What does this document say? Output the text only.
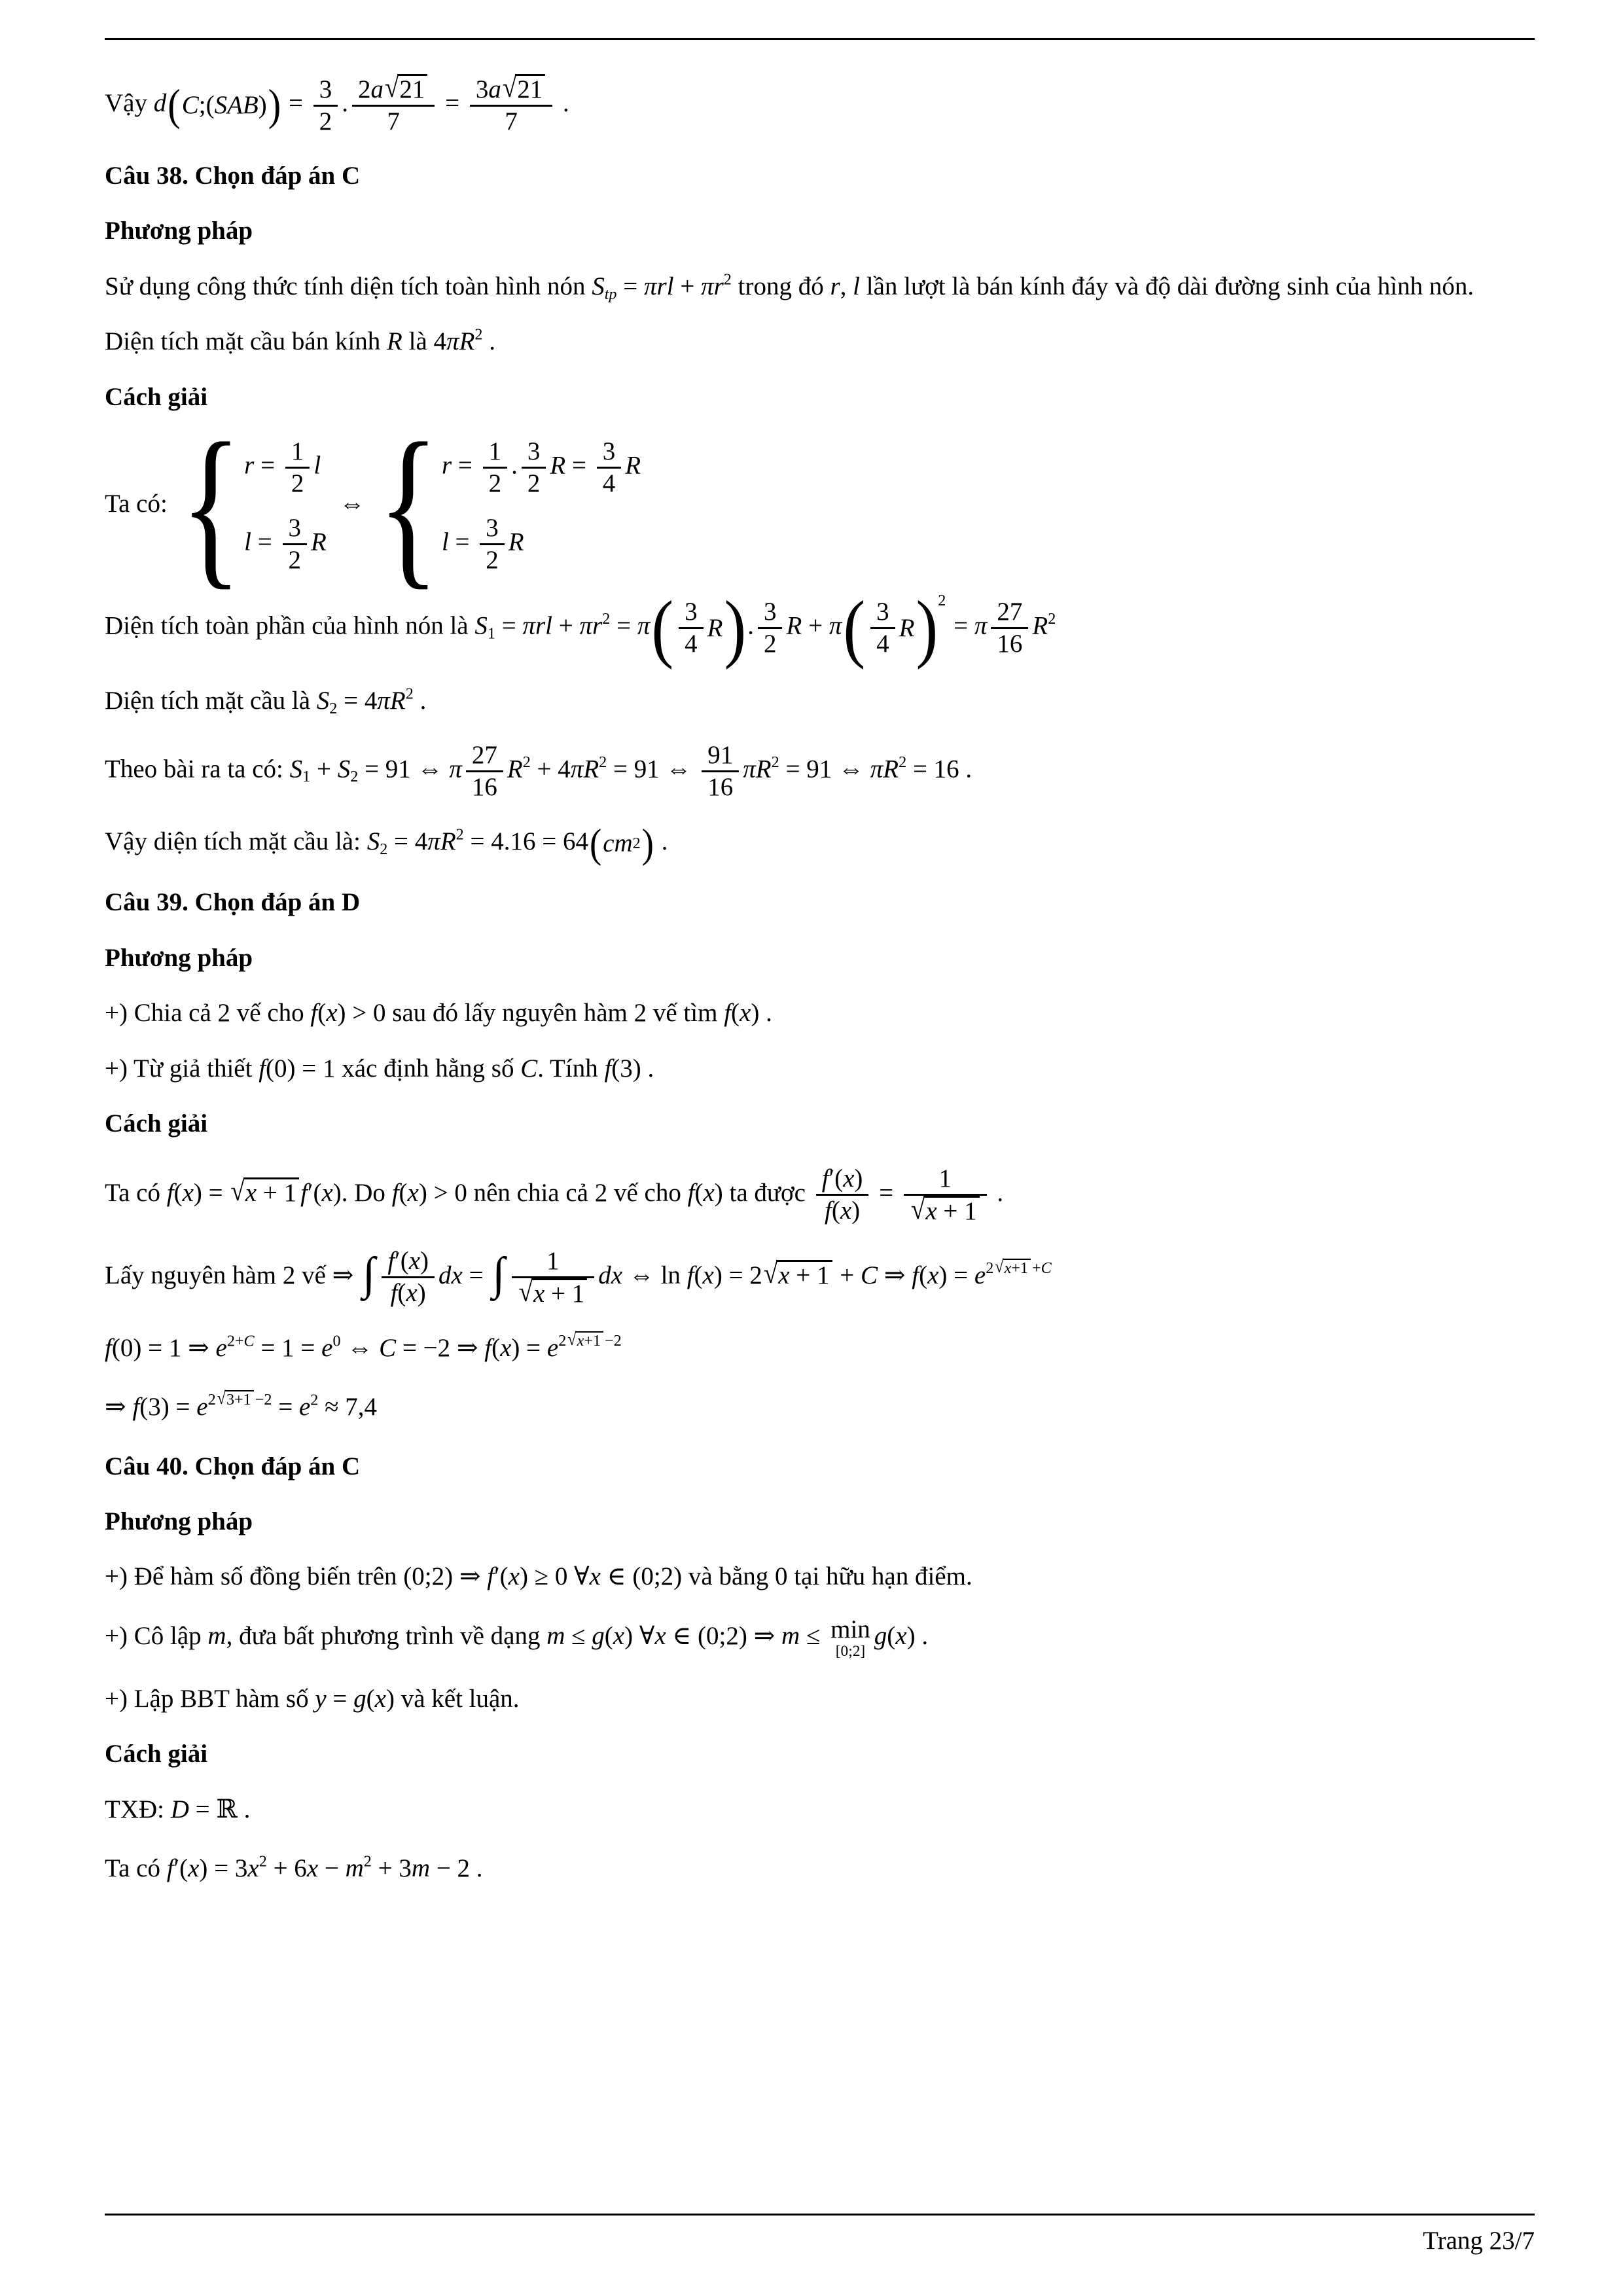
Vậy d ( C ;( SAB ) ) = $\frac{3}{2}$ . $\frac{2a √ 21}{7} = \frac{3a √ 21}{7}$ .

Câu 38. Chọn đáp án C

Phương pháp

Sử dụng công thức tính diện tích toàn hình nón Stp = $\pi rl + \pi r^2$ trong đó r, l lần lượt là bán kính đáy và độ dài đường sinh của hình nón.

Diện tích mặt cầu bán kính R là $4\pi R^2$ .

Cách giải

Ta có: { $r = \frac{1}{2}$ l
$l = \frac{3}{2}$ R
⇔ { $r = \frac{1}{2}$ . $\frac{3}{2}$ $R = \frac{3}{4}$ R
$l = \frac{3}{2}$ R

Diện tích toàn phần của hình nón là $S1 = \pi rl + \pi r^2 = \pi$ ( $\frac{3}{4}$ R ) . $\frac{3}{2}$ R + π ( $\frac{3}{4}$ R ) 2
= π $\frac{27}{16} R^2$

Diện tích mặt cầu là $S2 = 4\pi R^2$ .

Theo bài ra ta có: S1 + S2 = 91 ⇔ π $\frac{27}{16} R^2 + 4\pi R^2 = 91$ ⇔ $\frac{91}{16} \pi R^2 = 91$ ⇔ $\pi R^2 = 16$ .

Vậy diện tích mặt cầu là: $S2 = 4\pi R^2 = 4.16 = 64$ ( cm 2 ) .

Câu 39. Chọn đáp án D

Phương pháp

+) Chia cả 2 vế cho f(x) > 0 sau đó lấy nguyên hàm 2 vế tìm f(x) .

+) Từ giả thiết f(0) = 1 xác định hằng số C. Tính f(3) .

Cách giải

Ta có f(x) = √ x + 1 f′(x). Do f(x) > 0 nên chia cả 2 vế cho f(x) ta được $\frac{f'(x)}{f(x)} = \frac{1}{√ x + 1}$ .

Lấy nguyên hàm 2 vế ⇒ ∫ $\frac{f'(x)}{f(x)}$ dx = ∫ $\frac{1}{√ x + 1}$ dx ⇔ ln f(x) = 2 √ x + 1 + C ⇒ $f(x) = e^{2 √ x+1 +C}$

f(0) = 1 ⇒ $e^{2+C} = 1 = e^0$ ⇔ C = −2 ⇒ $f(x) = e^{2 √ x+1 -2}$

⇒ $f(3) = e^{2 √ 3+1 -2} = e^2 \approx 7,4$

Câu 40. Chọn đáp án C

Phương pháp

+) Để hàm số đồng biến trên (0;2) ⇒ f′(x) ≥ 0 ∀x ∈ (0;2) và bằng 0 tại hữu hạn điểm.

+) Cô lập m, đưa bất phương trình về dạng m ≤ g(x) ∀x ∈ (0;2) ⇒ m ≤ min
[0;2]
g(x) .

+) Lập BBT hàm số y = g(x) và kết luận.

Cách giải

TXĐ: D = ℝ .

Ta có $f'(x) = 3x^2 + 6x - m^2 + 3m - 2$ .

Trang 23/7
